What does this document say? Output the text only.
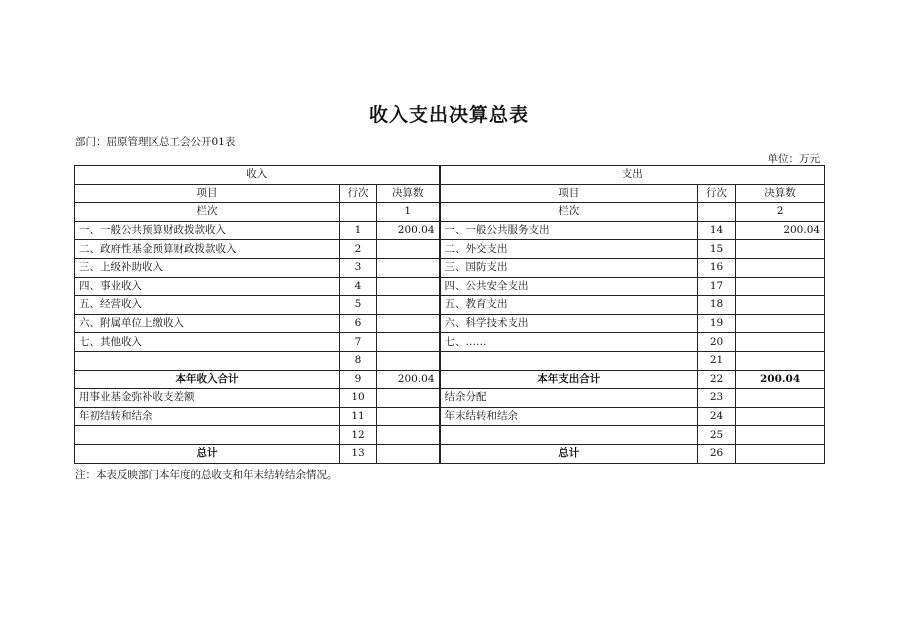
收入支出决算总表
部门：屈原管理区总工会公开01表
单位：万元
收入			支出		
项目	行次	决算数	项目	行次	决算数
栏次		1	栏次		2
一、一般公共预算财政拨款收入	1	200.04	一、一般公共服务支出	14	200.04
二、政府性基金预算财政拨款收入	2		二、外交支出	15	
三、上级补助收入	3		三、国防支出	16	
四、事业收入	4		四、公共安全支出	17	
五、经营收入	5		五、教育支出	18	
六、附属单位上缴收入	6		六、科学技术支出	19	
七、其他收入	7		七、……	20	
	8			21	
本年收入合计	9	200.04	本年支出合计	22	200.04
用事业基金弥补收支差额	10		结余分配	23	
年初结转和结余	11		年末结转和结余	24	
	12			25	
总计	13		总计	26	
注：本表反映部门本年度的总收支和年末结转结余情况。
